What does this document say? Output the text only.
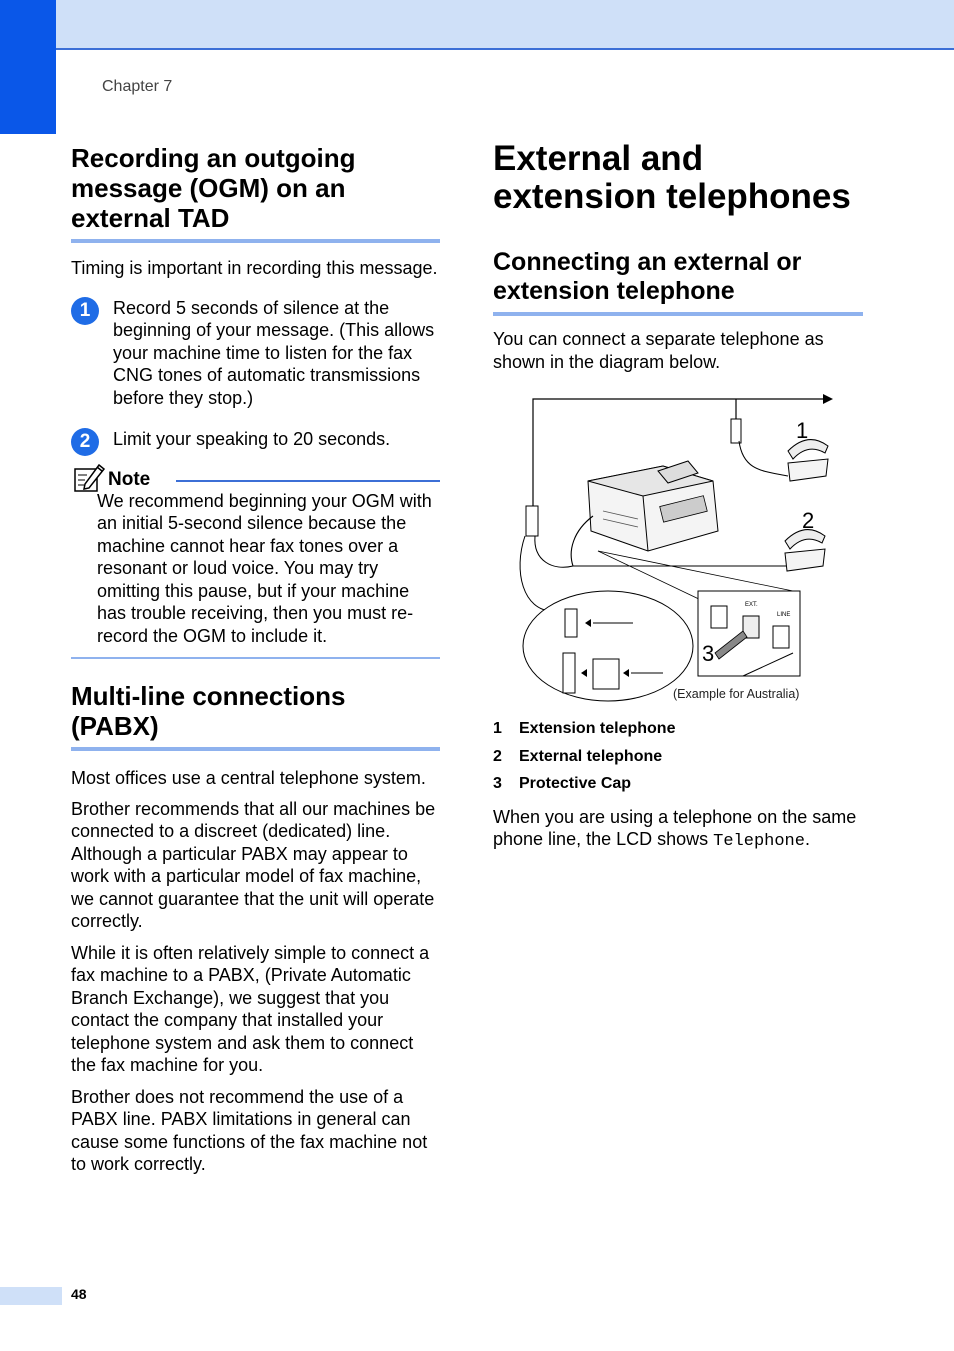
Chapter 7
Recording an outgoing message (OGM) on an external TAD

Timing is important in recording this message.

1	Record 5 seconds of silence at the beginning of your message. (This allows your machine time to listen for the fax CNG tones of automatic transmissions before they stop.)

2	Limit your speaking to 20 seconds.

Note
We recommend beginning your OGM with an initial 5-second silence because the machine cannot hear fax tones over a resonant or loud voice. You may try omitting this pause, but if your machine has trouble receiving, then you must re-record the OGM to include it.
Multi-line connections (PABX)

Most offices use a central telephone system.

Brother recommends that all our machines be connected to a discreet (dedicated) line. Although a particular PABX may appear to work with a particular model of fax machine, we cannot guarantee that the unit will operate correctly.

While it is often relatively simple to connect a fax machine to a PABX, (Private Automatic Branch Exchange), we suggest that you contact the company that installed your telephone system and ask them to connect the fax machine for you.

Brother does not recommend the use of a PABX line. PABX limitations in general can cause some functions of the fax machine not to work correctly.

External and extension telephones
Connecting an external or extension telephone

You can connect a separate telephone as shown in the diagram below.

EXT.
LINE
1
2
3
(Example for Australia)
1 Extension telephone
2 External telephone
3 Protective Cap

When you are using a telephone on the same phone line, the LCD shows Telephone.

48
